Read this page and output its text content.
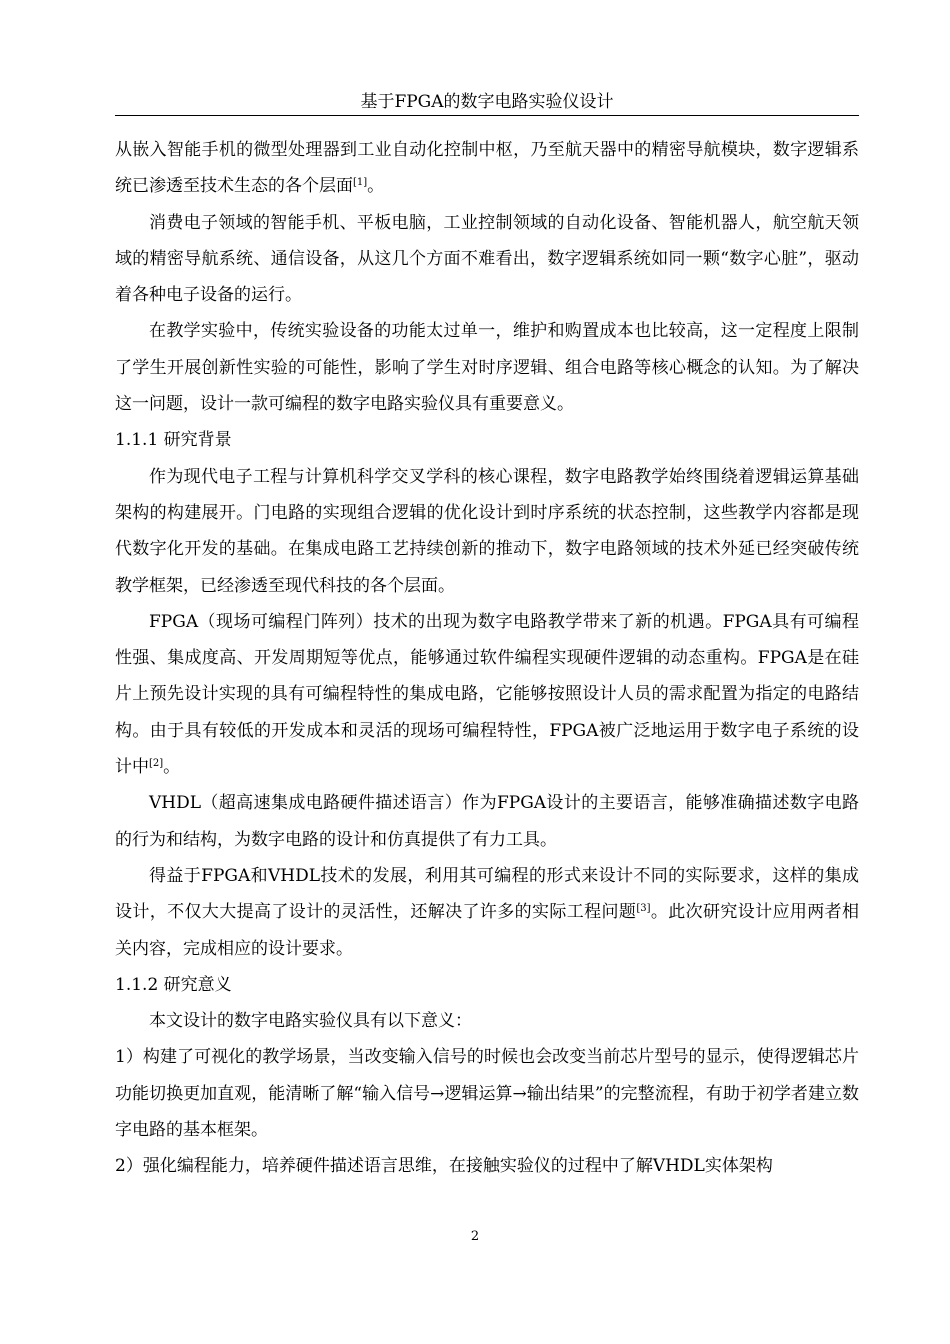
基于FPGA的数字电路实验仪设计

从嵌入智能手机的微型处理器到工业自动化控制中枢，乃至航天器中的精密导航模块，数字逻辑系统已渗透至技术生态的各个层面[1]。

消费电子领域的智能手机、平板电脑，工业控制领域的自动化设备、智能机器人，航空航天领域的精密导航系统、通信设备，从这几个方面不难看出，数字逻辑系统如同一颗“数字心脏”，驱动着各种电子设备的运行。

在教学实验中，传统实验设备的功能太过单一，维护和购置成本也比较高，这一定程度上限制了学生开展创新性实验的可能性，影响了学生对时序逻辑、组合电路等核心概念的认知。为了解决这一问题，设计一款可编程的数字电路实验仪具有重要意义。

1.1.1 研究背景

作为现代电子工程与计算机科学交叉学科的核心课程，数字电路教学始终围绕着逻辑运算基础架构的构建展开。门电路的实现组合逻辑的优化设计到时序系统的状态控制，这些教学内容都是现代数字化开发的基础。在集成电路工艺持续创新的推动下，数字电路领域的技术外延已经突破传统教学框架，已经渗透至现代科技的各个层面。

FPGA（现场可编程门阵列）技术的出现为数字电路教学带来了新的机遇。FPGA具有可编程性强、集成度高、开发周期短等优点，能够通过软件编程实现硬件逻辑的动态重构。FPGA是在硅片上预先设计实现的具有可编程特性的集成电路，它能够按照设计人员的需求配置为指定的电路结构。由于具有较低的开发成本和灵活的现场可编程特性，FPGA被广泛地运用于数字电子系统的设计中[2]。

VHDL（超高速集成电路硬件描述语言）作为FPGA设计的主要语言，能够准确描述数字电路的行为和结构，为数字电路的设计和仿真提供了有力工具。

得益于FPGA和VHDL技术的发展，利用其可编程的形式来设计不同的实际要求，这样的集成设计，不仅大大提高了设计的灵活性，还解决了许多的实际工程问题[3]。此次研究设计应用两者相关内容，完成相应的设计要求。

1.1.2 研究意义

本文设计的数字电路实验仪具有以下意义：

1）构建了可视化的教学场景，当改变输入信号的时候也会改变当前芯片型号的显示，使得逻辑芯片功能切换更加直观，能清晰了解“输入信号→逻辑运算→输出结果”的完整流程，有助于初学者建立数字电路的基本框架。

2）强化编程能力，培养硬件描述语言思维，在接触实验仪的过程中了解VHDL实体架构

2
